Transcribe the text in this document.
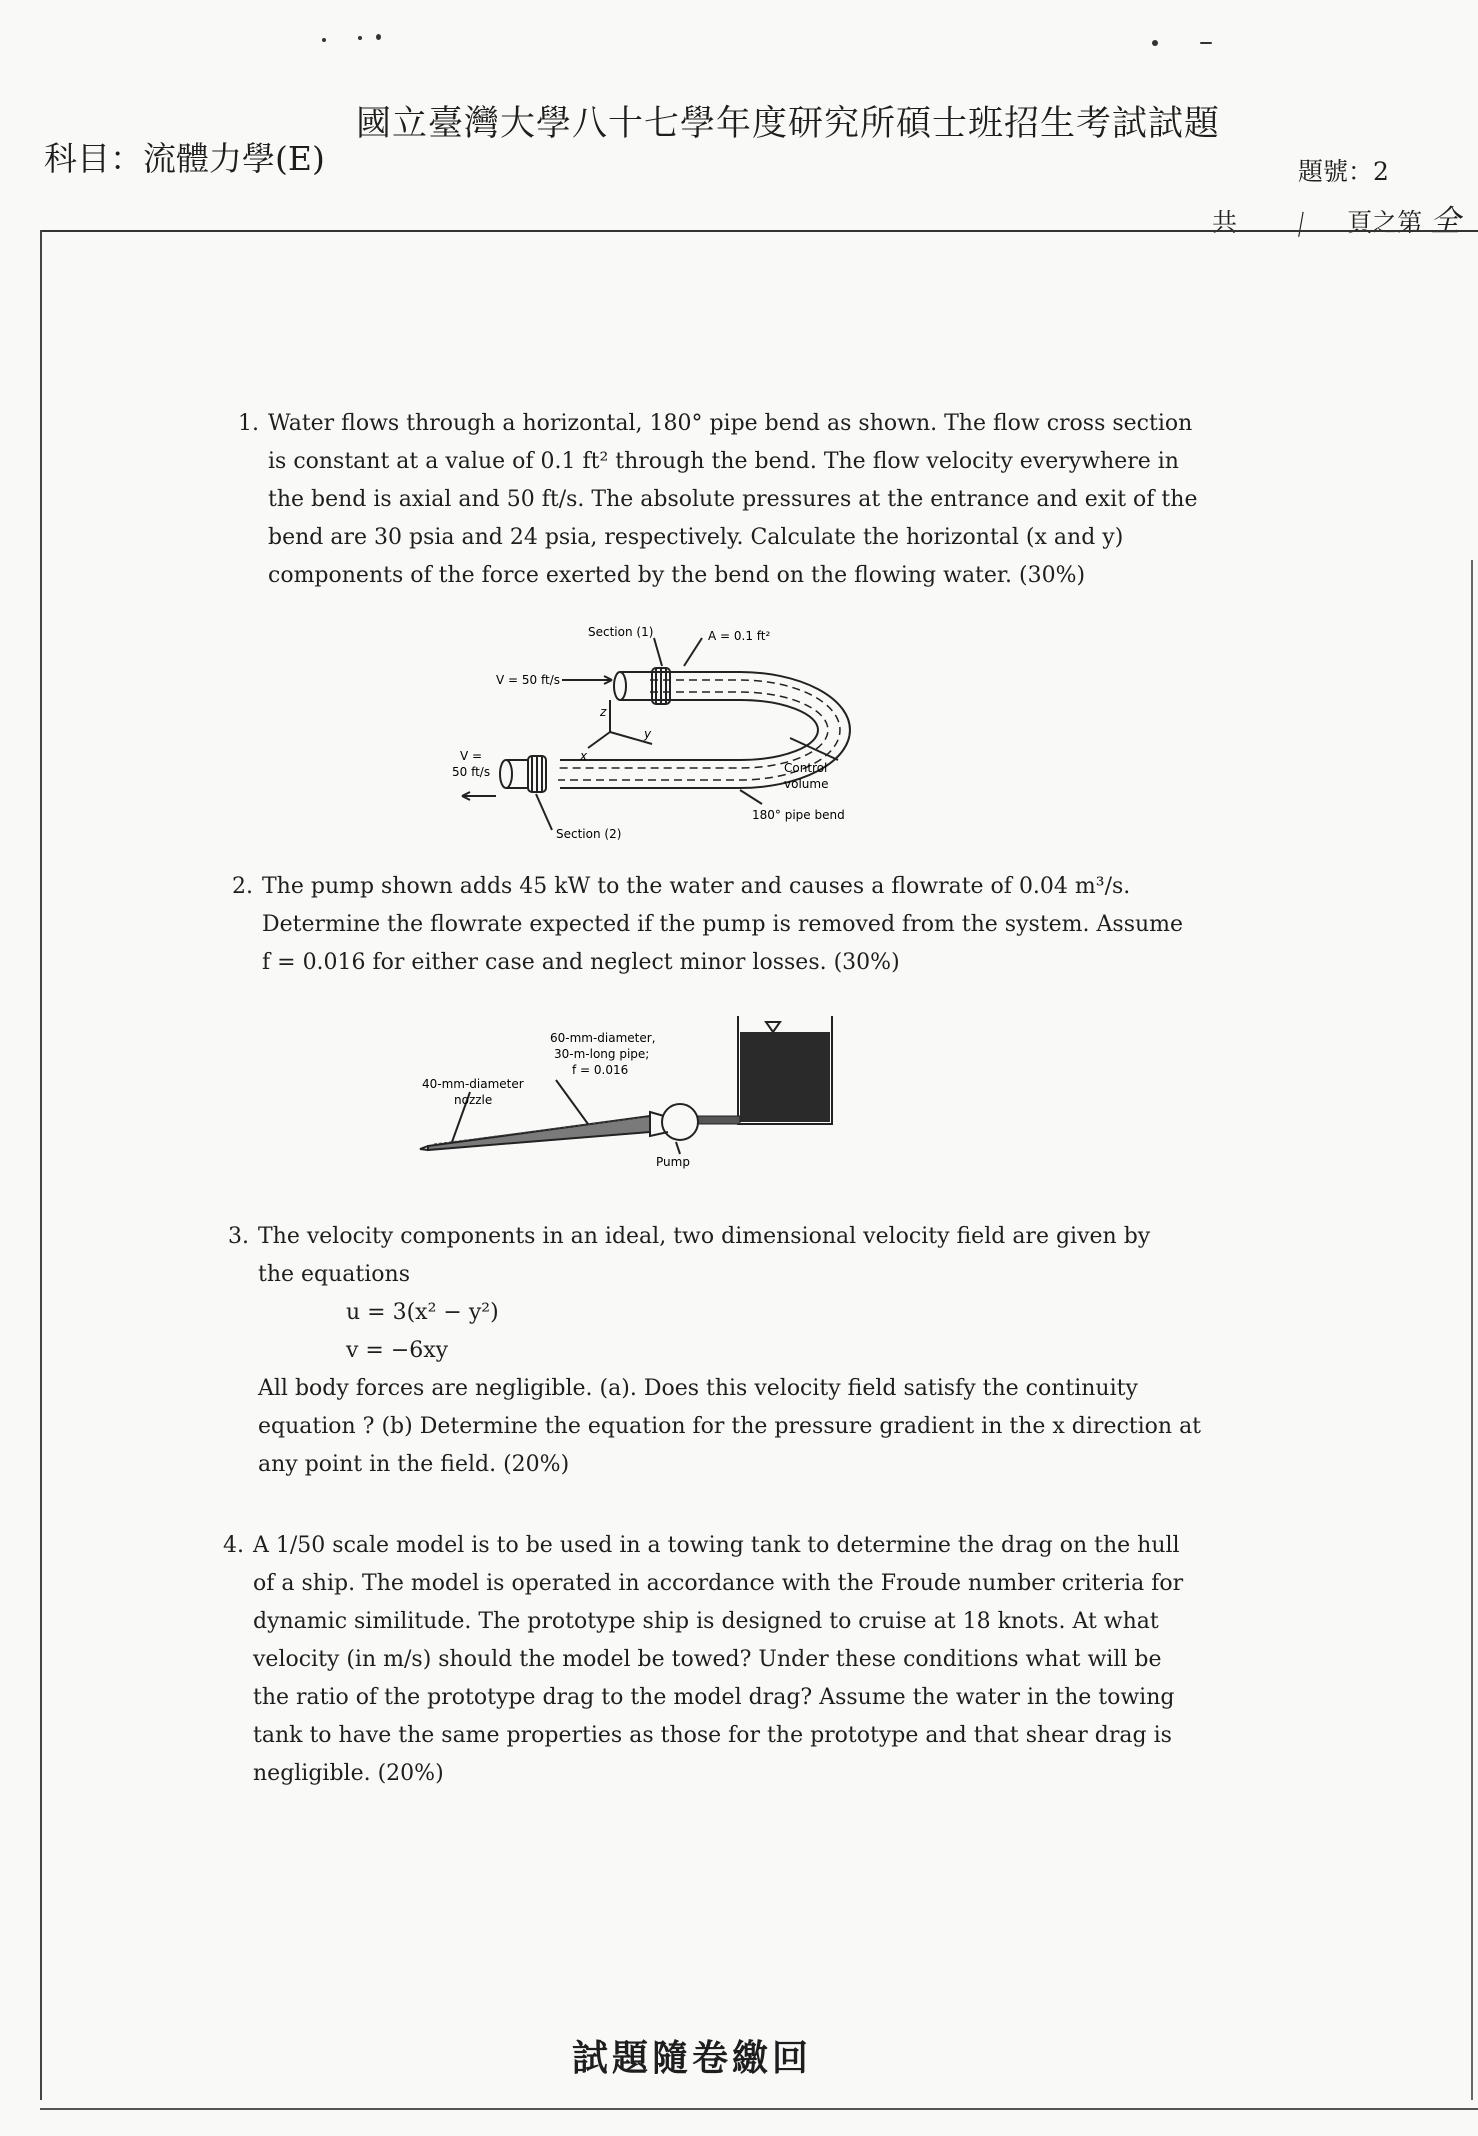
國立臺灣大學八十七學年度研究所碩士班招生考試試題
科目：流體力學(E)	題號：2
共 | 頁之第 全
1. Water flows through a horizontal, 180° pipe bend as shown. The flow cross section
is constant at a value of 0.1 ft² through the bend. The flow velocity everywhere in
the bend is axial and 50 ft/s. The absolute pressures at the entrance and exit of the
bend are 30 psia and 24 psia, respectively. Calculate the horizontal (x and y)
components of the force exerted by the bend on the flowing water. (30%)
Section (1)	A = 0.1 ft²
V = 50 ft/s
V =
50 ft/s
x
y
z
Control
volume
180° pipe bend
Section (2)
2. The pump shown adds 45 kW to the water and causes a flowrate of 0.04 m³/s.
Determine the flowrate expected if the pump is removed from the system. Assume
f = 0.016 for either case and neglect minor losses. (30%)
60-mm-diameter,
30-m-long pipe;
f = 0.016
40-mm-diameter
nozzle
Pump
3. The velocity components in an ideal, two dimensional velocity field are given by
the equations
u = 3(x² − y²)
v = −6xy
All body forces are negligible. (a). Does this velocity field satisfy the continuity
equation ? (b) Determine the equation for the pressure gradient in the x direction at
any point in the field. (20%)
4. A 1/50 scale model is to be used in a towing tank to determine the drag on the hull
of a ship. The model is operated in accordance with the Froude number criteria for
dynamic similitude. The prototype ship is designed to cruise at 18 knots. At what
velocity (in m/s) should the model be towed? Under these conditions what will be
the ratio of the prototype drag to the model drag? Assume the water in the towing
tank to have the same properties as those for the prototype and that shear drag is
negligible. (20%)
試題隨卷繳回
